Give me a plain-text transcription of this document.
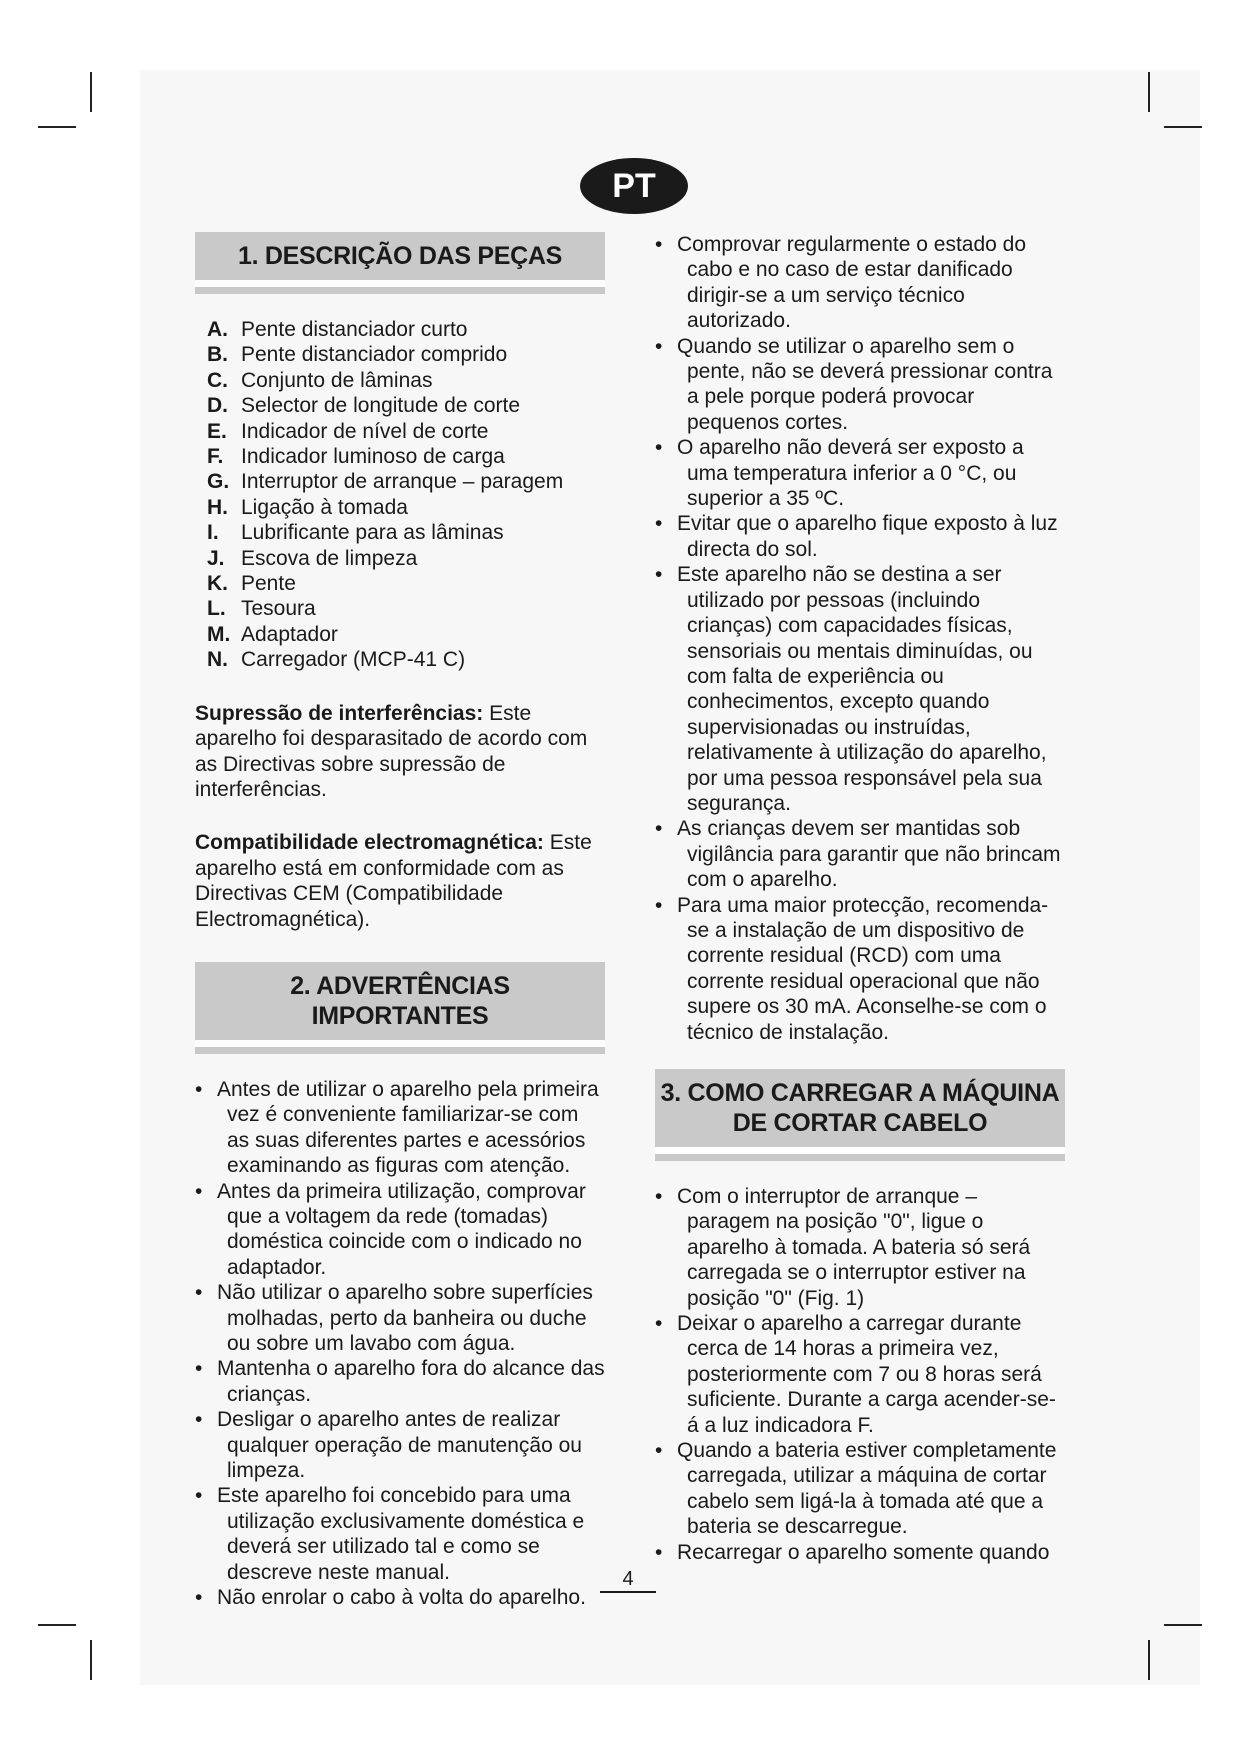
PT
1. DESCRIÇÃO DAS PEÇAS
A. Pente distanciador curto
B. Pente distanciador comprido
C. Conjunto de lâminas
D. Selector de longitude de corte
E. Indicador de nível de corte
F. Indicador luminoso de carga
G. Interruptor de arranque – paragem
H. Ligação à tomada
I. Lubrificante para as lâminas
J. Escova de limpeza
K. Pente
L. Tesoura
M. Adaptador
N. Carregador (MCP-41 C)

Supressão de interferências: Este aparelho foi desparasitado de acordo com as Directivas sobre supressão de interferências.

Compatibilidade electromagnética: Este aparelho está em conformidade com as Directivas CEM (Compatibilidade Electromagnética).

2. ADVERTÊNCIAS IMPORTANTES
• Antes de utilizar o aparelho pela primeira vez é conveniente familiarizar-se com as suas diferentes partes e acessórios examinando as figuras com atenção.
• Antes da primeira utilização, comprovar que a voltagem da rede (tomadas) doméstica coincide com o indicado no adaptador.
• Não utilizar o aparelho sobre superfícies molhadas, perto da banheira ou duche ou sobre um lavabo com água.
• Mantenha o aparelho fora do alcance das crianças.
• Desligar o aparelho antes de realizar qualquer operação de manutenção ou limpeza.
• Este aparelho foi concebido para uma utilização exclusivamente doméstica e deverá ser utilizado tal e como se descreve neste manual.
• Não enrolar o cabo à volta do aparelho.
• Comprovar regularmente o estado do cabo e no caso de estar danificado dirigir-se a um serviço técnico autorizado.
• Quando se utilizar o aparelho sem o pente, não se deverá pressionar contra a pele porque poderá provocar pequenos cortes.
• O aparelho não deverá ser exposto a uma temperatura inferior a 0 °C, ou superior a 35 ºC.
• Evitar que o aparelho fique exposto à luz directa do sol.
• Este aparelho não se destina a ser utilizado por pessoas (incluindo crianças) com capacidades físicas, sensoriais ou mentais diminuídas, ou com falta de experiência ou conhecimentos, excepto quando supervisionadas ou instruídas, relativamente à utilização do aparelho, por uma pessoa responsável pela sua segurança.
• As crianças devem ser mantidas sob vigilância para garantir que não brincam com o aparelho.
• Para uma maior protecção, recomenda-se a instalação de um dispositivo de corrente residual (RCD) com uma corrente residual operacional que não supere os 30 mA. Aconselhe-se com o técnico de instalação.
3. COMO CARREGAR A MÁQUINA DE CORTAR CABELO
• Com o interruptor de arranque – paragem na posição "0", ligue o aparelho à tomada. A bateria só será carregada se o interruptor estiver na posição "0" (Fig. 1)
• Deixar o aparelho a carregar durante cerca de 14 horas a primeira vez, posteriormente com 7 ou 8 horas será suficiente. Durante a carga acender-se-á a luz indicadora F.
• Quando a bateria estiver completamente carregada, utilizar a máquina de cortar cabelo sem ligá-la à tomada até que a bateria se descarregue.
• Recarregar o aparelho somente quando
4
